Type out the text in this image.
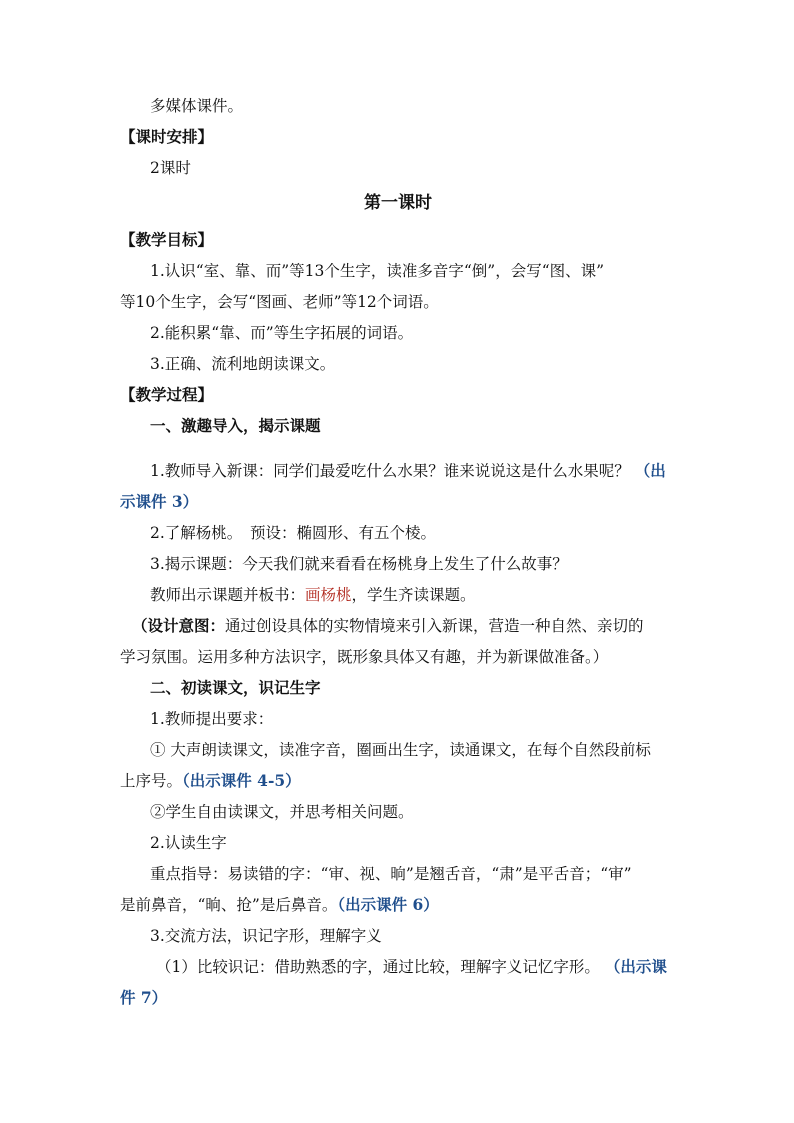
多媒体课件。
【课时安排】
2课时
第一课时
【教学目标】
1.认识“室、靠、而”等13个生字，读准多音字“倒”，会写“图、课”
等10个生字，会写“图画、老师”等12个词语。
2.能积累“靠、而”等生字拓展的词语。
3.正确、流利地朗读课文。
【教学过程】
一、激趣导入，揭示课题
1.教师导入新课：同学们最爱吃什么水果？谁来说说这是什么水果呢？ （出
示课件 3）
2.了解杨桃。　预设：椭圆形、有五个棱。
3.揭示课题：今天我们就来看看在杨桃身上发生了什么故事？
教师出示课题并板书：画杨桃，学生齐读课题。
（设计意图：通过创设具体的实物情境来引入新课，营造一种自然、亲切的
学习氛围。运用多种方法识字，既形象具体又有趣，并为新课做准备。）
二、初读课文，识记生字
1.教师提出要求：
① 大声朗读课文，读准字音，圈画出生字，读通课文，在每个自然段前标
上序号。（出示课件 4-5）
②学生自由读课文，并思考相关问题。
2.认读生字
重点指导：易读错的字：“审、视、晌”是翘舌音，“肃”是平舌音；“审”
是前鼻音，“晌、抢”是后鼻音。（出示课件 6）
3.交流方法，识记字形，理解字义
（1）比较识记：借助熟悉的字，通过比较，理解字义记忆字形。 （出示课
件 7）
